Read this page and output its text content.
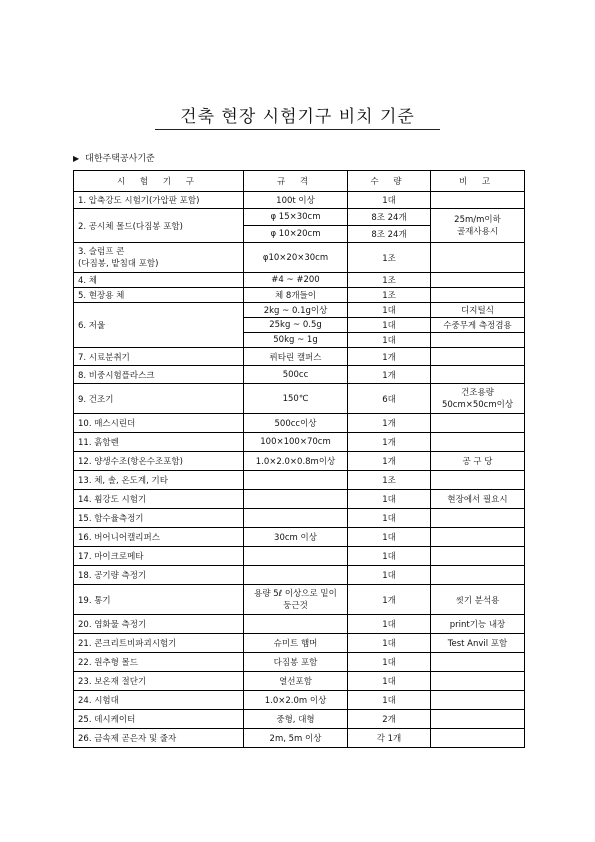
건축 현장 시험기구 비치 기준
▶ 대한주택공사기준
시 험 기 구	규 격	수 량	비 고
1. 압축강도 시험기(가압판 포함)	100t 이상	1대	
2. 공시체 몰드(다짐봉 포함)	φ 15×30cm	8조 24개	25m/m이하
골재사용시
	φ 10×20cm	8조 24개	
3. 슬럼프 콘
(다짐봉, 밭침대 포함)	φ10×20×30cm	1조	
4. 체	#4 ~ #200	1조	
5. 현장용 체	체 8개들이	1조	
6. 저울	2kg ~ 0.1g이상	1대	디지털식
	25kg ~ 0.5g	1대	수중무게 측정겸용
	50kg ~ 1g	1대	
7. 시료분취기	뤼타린 캘퍼스	1개	
8. 비중시험플라스크	500cc	1개	
9. 건조기	150℃	6대	건조용량
50cm×50cm이상
10. 매스시린더	500cc이상	1개	
11. 흙함렌	100×100×70cm	1개	
12. 양생수조(항온수조포함)	1.0×2.0×0.8m이상	1개	공 구 당
13. 체, 솔, 온도계, 기타		1조	
14. 휨강도 시험기		1대	현장에서 필요시
15. 함수율측정기		1대	
16. 버어니어캘리퍼스	30cm 이상	1대	
17. 마이크로메타		1대	
18. 공기량 측정기		1대	
19. 통기	용량 5ℓ 이상으로 밑이
둥근것	1개	씻기 분석용
20. 염화물 측정기		1대	print기능 내장
21. 콘크리트비파괴시험기	슈미트 햄머	1대	Test Anvil 포함
22. 원추형 몰드	다짐봉 포함	1대	
23. 보온재 절단기	열선포함	1대	
24. 시험대	1.0×2.0m 이상	1대	
25. 데시케이터	중형, 대형	2개	
26. 금속제 곧은자 및 줄자	2m, 5m 이상	각 1개	
